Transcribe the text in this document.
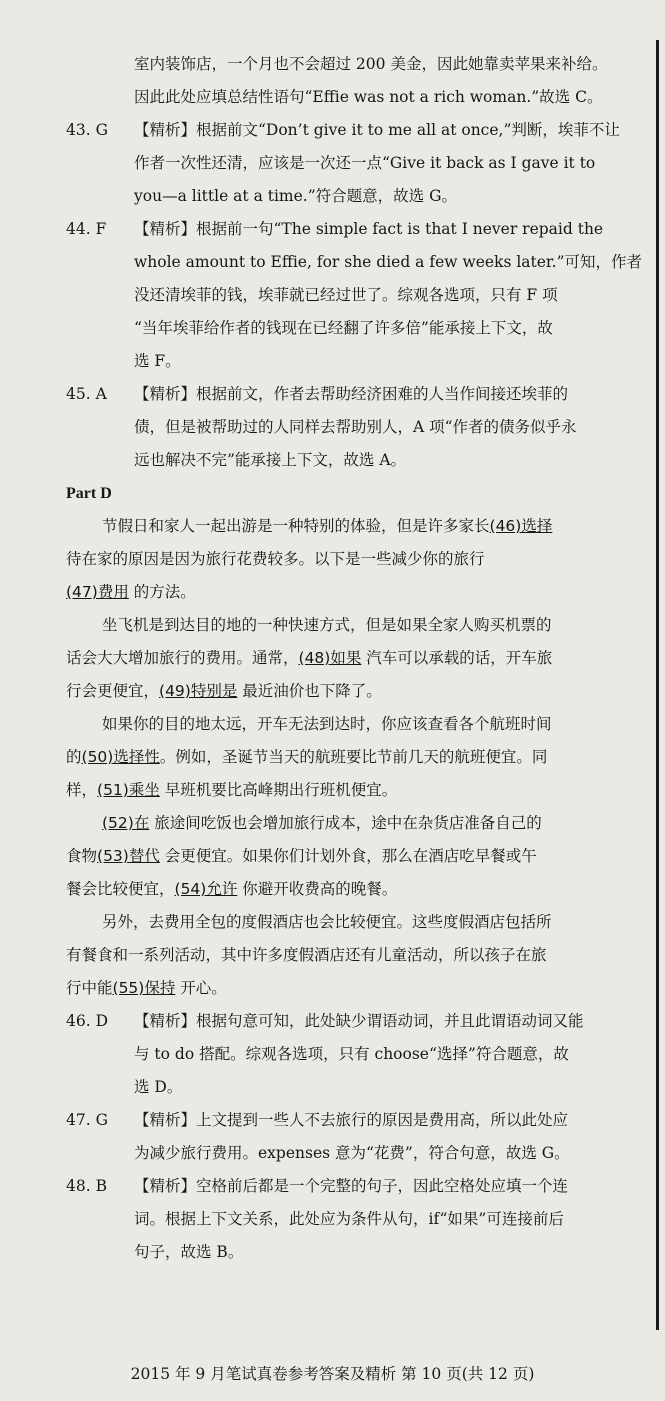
室内装饰店，一个月也不会超过 200 美金，因此她靠卖苹果来补给。

因此此处应填总结性语句“Effie was not a rich woman.”故选 C。

43. G 【精析】根据前文“Don’t give it to me all at once,”判断，埃菲不让

作者一次性还清，应该是一次还一点“Give it back as I gave it to

you—a little at a time.”符合题意，故选 G。

44. F 【精析】根据前一句“The simple fact is that I never repaid the

whole amount to Effie, for she died a few weeks later.”可知，作者

没还清埃菲的钱，埃菲就已经过世了。综观各选项，只有 F 项

“当年埃菲给作者的钱现在已经翻了许多倍”能承接上下文，故

选 F。

45. A 【精析】根据前文，作者去帮助经济困难的人当作间接还埃菲的

债，但是被帮助过的人同样去帮助别人，A 项“作者的债务似乎永

远也解决不完”能承接上下文，故选 A。

Part D

节假日和家人一起出游是一种特别的体验，但是许多家长(46)选择

待在家的原因是因为旅行花费较多。以下是一些减少你的旅行

(47)费用 的方法。

坐飞机是到达目的地的一种快速方式，但是如果全家人购买机票的

话会大大增加旅行的费用。通常，(48)如果 汽车可以承载的话，开车旅

行会更便宜，(49)特别是 最近油价也下降了。

如果你的目的地太远，开车无法到达时，你应该查看各个航班时间

的(50)选择性。例如，圣诞节当天的航班要比节前几天的航班便宜。同

样，(51)乘坐 早班机要比高峰期出行班机便宜。

(52)在 旅途间吃饭也会增加旅行成本，途中在杂货店准备自己的

食物(53)替代 会更便宜。如果你们计划外食，那么在酒店吃早餐或午

餐会比较便宜，(54)允许 你避开收费高的晚餐。

另外，去费用全包的度假酒店也会比较便宜。这些度假酒店包括所

有餐食和一系列活动，其中许多度假酒店还有儿童活动，所以孩子在旅

行中能(55)保持 开心。

46. D 【精析】根据句意可知，此处缺少谓语动词，并且此谓语动词又能

与 to do 搭配。综观各选项，只有 choose“选择”符合题意，故

选 D。

47. G 【精析】上文提到一些人不去旅行的原因是费用高，所以此处应

为减少旅行费用。expenses 意为“花费”，符合句意，故选 G。

48. B 【精析】空格前后都是一个完整的句子，因此空格处应填一个连

词。根据上下文关系，此处应为条件从句，if“如果”可连接前后

句子，故选 B。

2015 年 9 月笔试真卷参考答案及精析 第 10 页(共 12 页)
